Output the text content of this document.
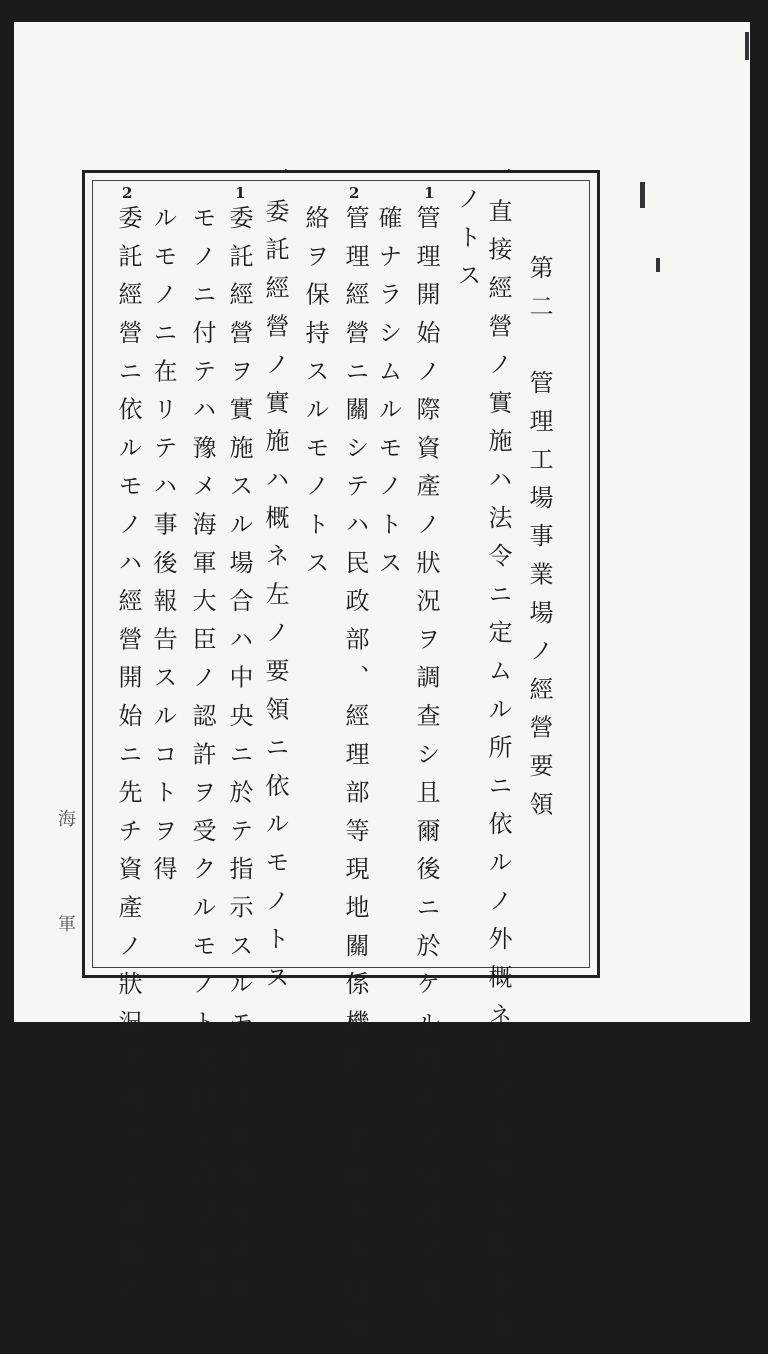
一直接經營ノ實施ハ法令ニ定ムル所ニ依ルノ外概ネ左ノ要領ニ依ルモ
ノトス
第二　管理工場事業場ノ經營要領
管理開始ノ際資產ノ狀況ヲ調查シ且爾後ニ於ケル資產ノ增減ヲ明
確ナラシムルモノトス
管理經營ニ關シテハ民政部、經理部等現地關係機關ト緊密ナル連絡
絡ヲ保持スルモノトス
一委託經營ノ實施ハ概ネ左ノ要領ニ依ルモノトス
委託經營ヲ實施スル場合ハ中央ニ於テ指示スルモノノ外重要ナル
モノニ付テハ豫メ海軍大臣ノ認許ヲ受クルモノトス但シ急ヲ要ス
ルモノニ在リテハ事後報告スルコトヲ得
委託經營ニ依ルモノハ經營開始ニ先チ資產ノ狀況ヲ調查シ爾後ニ
1
2
1
2
海
軍
